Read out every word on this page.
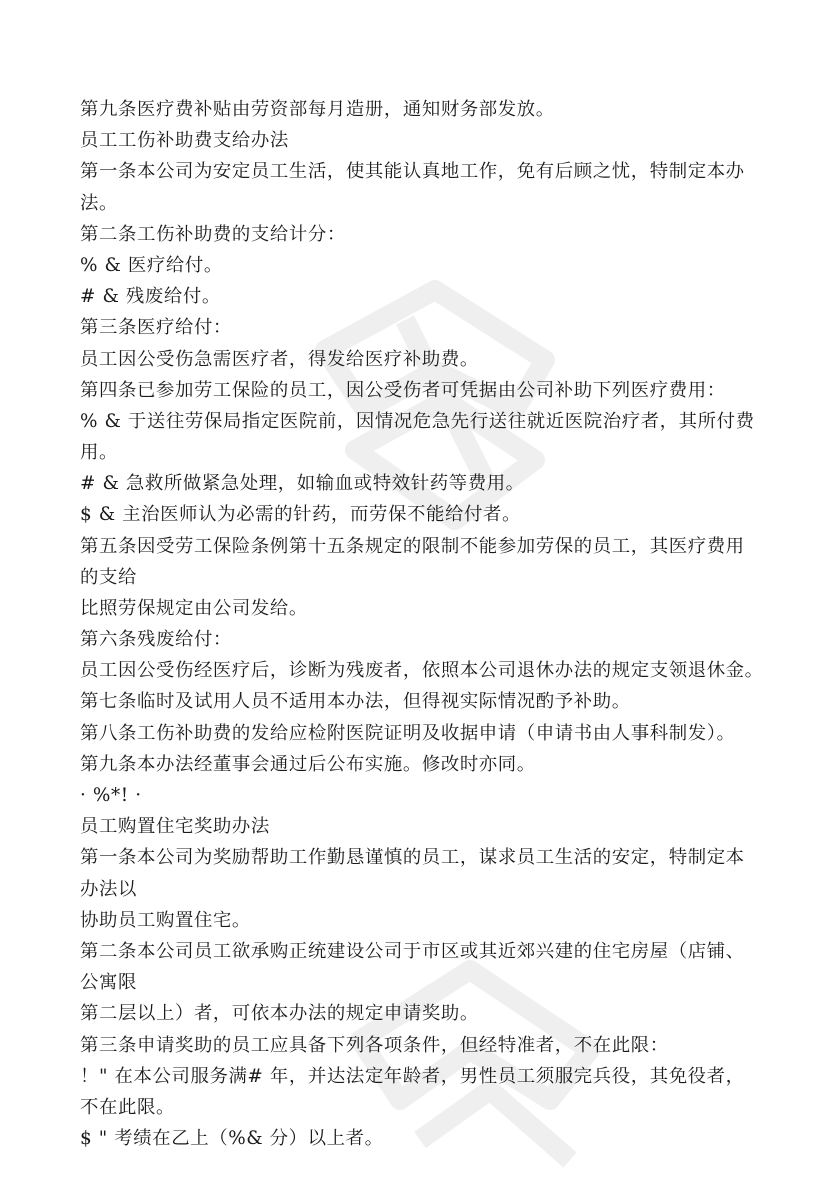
第九条医疗费补贴由劳资部每月造册，通知财务部发放。
员工工伤补助费支给办法
第一条本公司为安定员工生活，使其能认真地工作，免有后顾之忧，特制定本办
法。
第二条工伤补助费的支给计分：
% & 医疗给付。
# & 残废给付。
第三条医疗给付：
员工因公受伤急需医疗者，得发给医疗补助费。
第四条已参加劳工保险的员工，因公受伤者可凭据由公司补助下列医疗费用：
% & 于送往劳保局指定医院前，因情况危急先行送往就近医院治疗者，其所付费
用。
# & 急救所做紧急处理，如输血或特效针药等费用。
$ & 主治医师认为必需的针药，而劳保不能给付者。
第五条因受劳工保险条例第十五条规定的限制不能参加劳保的员工，其医疗费用
的支给
比照劳保规定由公司发给。
第六条残废给付：
员工因公受伤经医疗后，诊断为残废者，依照本公司退休办法的规定支领退休金。
第七条临时及试用人员不适用本办法，但得视实际情况酌予补助。
第八条工伤补助费的发给应检附医院证明及收据申请（申请书由人事科制发）。
第九条本办法经董事会通过后公布实施。修改时亦同。
· %*! ·
员工购置住宅奖助办法
第一条本公司为奖励帮助工作勤恳谨慎的员工，谋求员工生活的安定，特制定本
办法以
协助员工购置住宅。
第二条本公司员工欲承购正统建设公司于市区或其近郊兴建的住宅房屋（店铺、
公寓限
第二层以上）者，可依本办法的规定申请奖助。
第三条申请奖助的员工应具备下列各项条件，但经特准者，不在此限：
！" 在本公司服务满# 年，并达法定年龄者，男性员工须服完兵役，其免役者，
不在此限。
$ " 考绩在乙上（%& 分）以上者。
